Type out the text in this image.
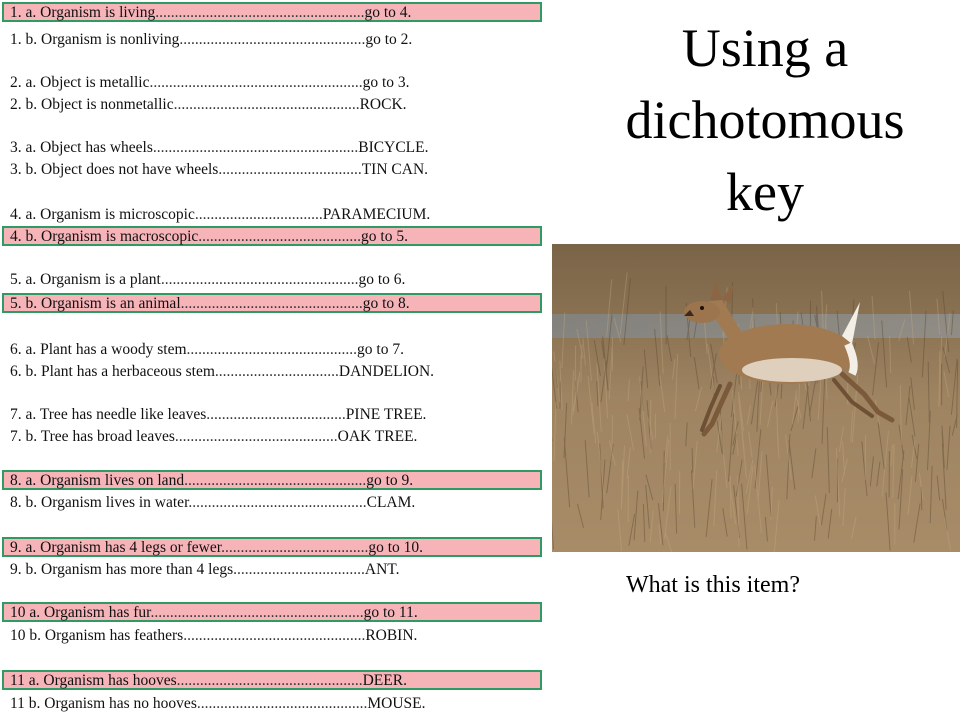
1. a. Organism is living......................................................go to 4.
1. b. Organism is nonliving................................................go to 2.
2. a. Object is metallic.......................................................go to 3.
2. b. Object is nonmetallic................................................ROCK.
3. a. Object has wheels.....................................................BICYCLE.
3. b. Object does not have wheels.....................................TIN CAN.
4. a. Organism is microscopic.................................PARAMECIUM.
4. b. Organism is macroscopic..........................................go to 5.
5. a. Organism is a plant...................................................go to 6.
5. b. Organism is an animal...............................................go to 8.
6. a. Plant has a woody stem............................................go to 7.
6. b. Plant has a herbaceous stem................................DANDELION.
7. a. Tree has needle like leaves....................................PINE TREE.
7. b. Tree has broad leaves..........................................OAK TREE.
8. a. Organism lives on land...............................................go to 9.
8. b. Organism lives in water..............................................CLAM.
9. a. Organism has 4 legs or fewer......................................go to 10.
9. b. Organism has more than 4 legs..................................ANT.
10 a. Organism has fur.......................................................go to 11.
10 b. Organism has feathers...............................................ROBIN.
11 a. Organism has hooves................................................DEER.
11 b. Organism has no hooves............................................MOUSE.
Using a
dichotomous
key
What is this item?
